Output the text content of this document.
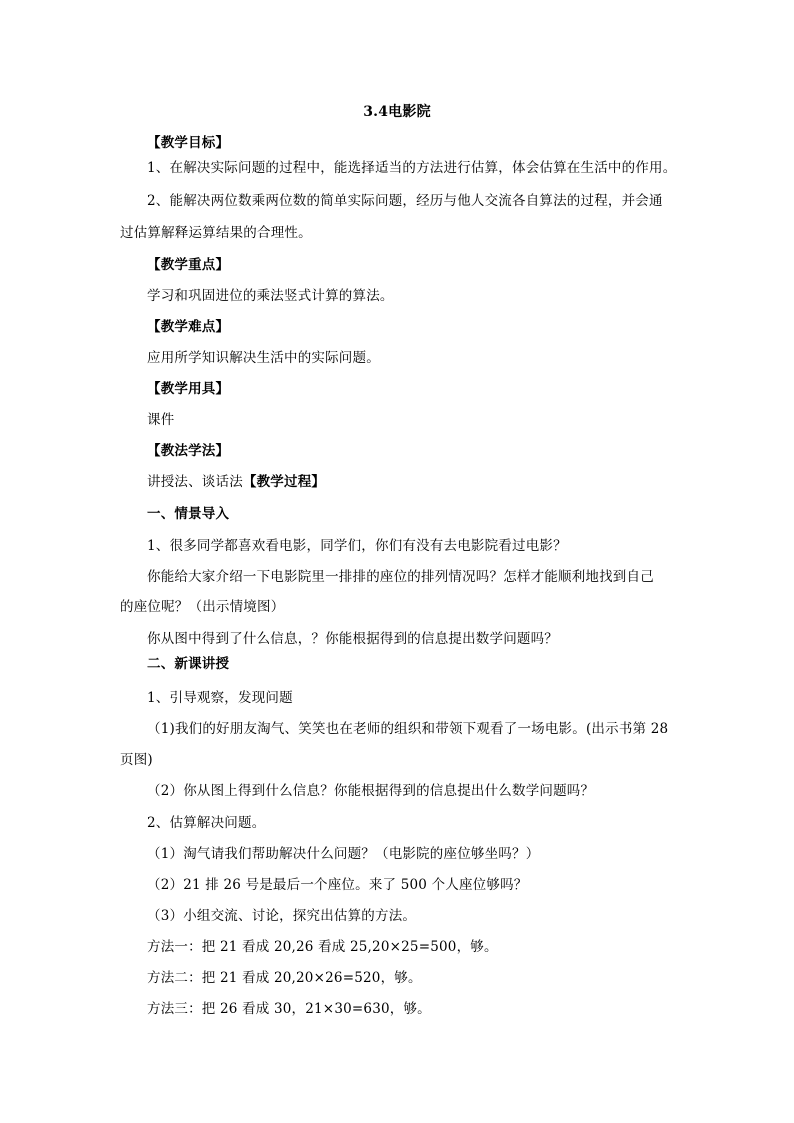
3.4电影院
【教学目标】
1、在解决实际问题的过程中，能选择适当的方法进行估算，体会估算在生活中的作用。
2、能解决两位数乘两位数的简单实际问题，经历与他人交流各自算法的过程，并会通
过估算解释运算结果的合理性。
【教学重点】
学习和巩固进位的乘法竖式计算的算法。
【教学难点】
应用所学知识解决生活中的实际问题。
【教学用具】
课件
【教法学法】
讲授法、谈话法【教学过程】
一、情景导入
1、很多同学都喜欢看电影，同学们，你们有没有去电影院看过电影？
你能给大家介绍一下电影院里一排排的座位的排列情况吗？怎样才能顺利地找到自己
的座位呢？（出示情境图）
你从图中得到了什么信息，？你能根据得到的信息提出数学问题吗？
二、新课讲授
1、引导观察，发现问题
（1)我们的好朋友淘气、笑笑也在老师的组织和带领下观看了一场电影。(出示书第 28
页图)
（2）你从图上得到什么信息？你能根据得到的信息提出什么数学问题吗？
2、估算解决问题。
（1）淘气请我们帮助解决什么问题？（电影院的座位够坐吗？）
（2）21 排 26 号是最后一个座位。来了 500 个人座位够吗？
（3）小组交流、讨论，探究出估算的方法。
方法一：把 21 看成 20,26 看成 25,20×25=500，够。
方法二：把 21 看成 20,20×26=520，够。
方法三：把 26 看成 30，21×30=630，够。
